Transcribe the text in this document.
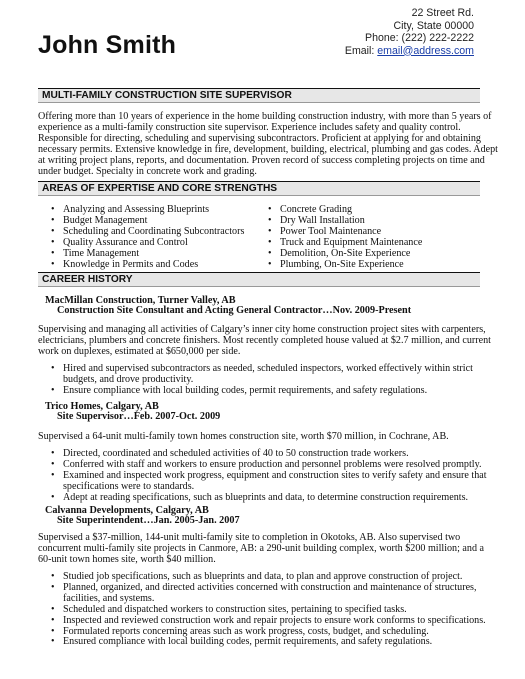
John Smith
22 Street Rd.
City, State 00000
Phone: (222) 222-2222
Email: email@address.com
MULTI-FAMILY CONSTRUCTION SITE SUPERVISOR
Offering more than 10 years of experience in the home building construction industry, with more than 5 years of
experience as a multi-family construction site supervisor. Experience includes safety and quality control.
Responsible for directing, scheduling and supervising subcontractors. Proficient at applying for and obtaining
necessary permits. Extensive knowledge in fire, development, building, electrical, plumbing and gas codes. Adept
at writing project plans, reports, and documentation. Proven record of success completing projects on time and
under budget. Specialty in concrete work and grading.
AREAS OF EXPERTISE AND CORE STRENGTHS
• Analyzing and Assessing Blueprints
• Budget Management
• Scheduling and Coordinating Subcontractors
• Quality Assurance and Control
• Time Management
• Knowledge in Permits and Codes
• Concrete Grading
• Dry Wall Installation
• Power Tool Maintenance
• Truck and Equipment Maintenance
• Demolition, On-Site Experience
• Plumbing, On-Site Experience
CAREER HISTORY
MacMillan Construction, Turner Valley, AB
Construction Site Consultant and Acting General Contractor…Nov. 2009-Present
Supervising and managing all activities of Calgary’s inner city home construction project sites with carpenters,
electricians, plumbers and concrete finishers. Most recently completed house valued at $2.7 million, and current
work on duplexes, estimated at $650,000 per side.
• Hired and supervised subcontractors as needed, scheduled inspectors, worked effectively within strict
budgets, and drove productivity.
• Ensure compliance with local building codes, permit requirements, and safety regulations.
Trico Homes, Calgary, AB
Site Supervisor…Feb. 2007-Oct. 2009
Supervised a 64-unit multi-family town homes construction site, worth $70 million, in Cochrane, AB.
• Directed, coordinated and scheduled activities of 40 to 50 construction trade workers.
• Conferred with staff and workers to ensure production and personnel problems were resolved promptly.
• Examined and inspected work progress, equipment and construction sites to verify safety and ensure that
specifications were to standards.
• Adept at reading specifications, such as blueprints and data, to determine construction requirements.
Calvanna Developments, Calgary, AB
Site Superintendent…Jan. 2005-Jan. 2007
Supervised a $37-million, 144-unit multi-family site to completion in Okotoks, AB. Also supervised two
concurrent multi-family site projects in Canmore, AB: a 290-unit building complex, worth $200 million; and a
60-unit town homes site, worth $40 million.
• Studied job specifications, such as blueprints and data, to plan and approve construction of project.
• Planned, organized, and directed activities concerned with construction and maintenance of structures,
facilities, and systems.
• Scheduled and dispatched workers to construction sites, pertaining to specified tasks.
• Inspected and reviewed construction work and repair projects to ensure work conforms to specifications.
• Formulated reports concerning areas such as work progress, costs, budget, and scheduling.
• Ensured compliance with local building codes, permit requirements, and safety regulations.
